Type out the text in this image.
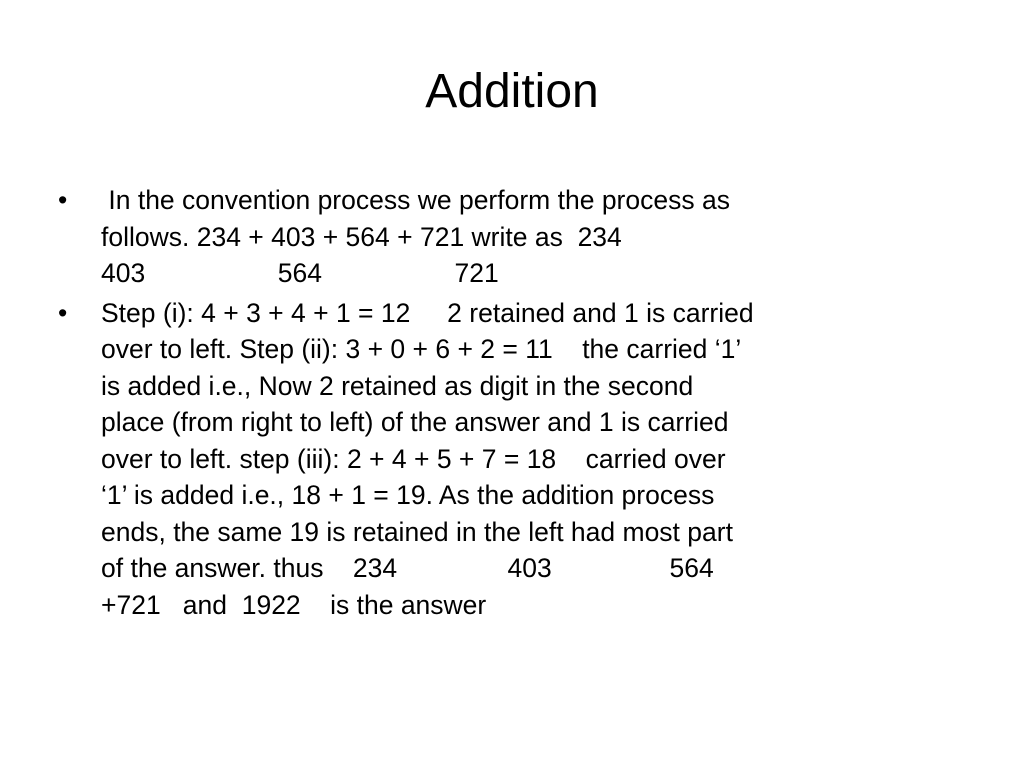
Addition
•	In the convention process we perform the process as
follows. 234 + 403 + 564 + 721 write as  234
403                  564                  721
•	Step (i): 4 + 3 + 4 + 1 = 12     2 retained and 1 is carried
over to left. Step (ii): 3 + 0 + 6 + 2 = 11    the carried ‘1’
is added i.e., Now 2 retained as digit in the second
place (from right to left) of the answer and 1 is carried
over to left. step (iii): 2 + 4 + 5 + 7 = 18    carried over
‘1’ is added i.e., 18 + 1 = 19. As the addition process
ends, the same 19 is retained in the left had most part
of the answer. thus    234               403                564
+721   and  1922    is the answer
